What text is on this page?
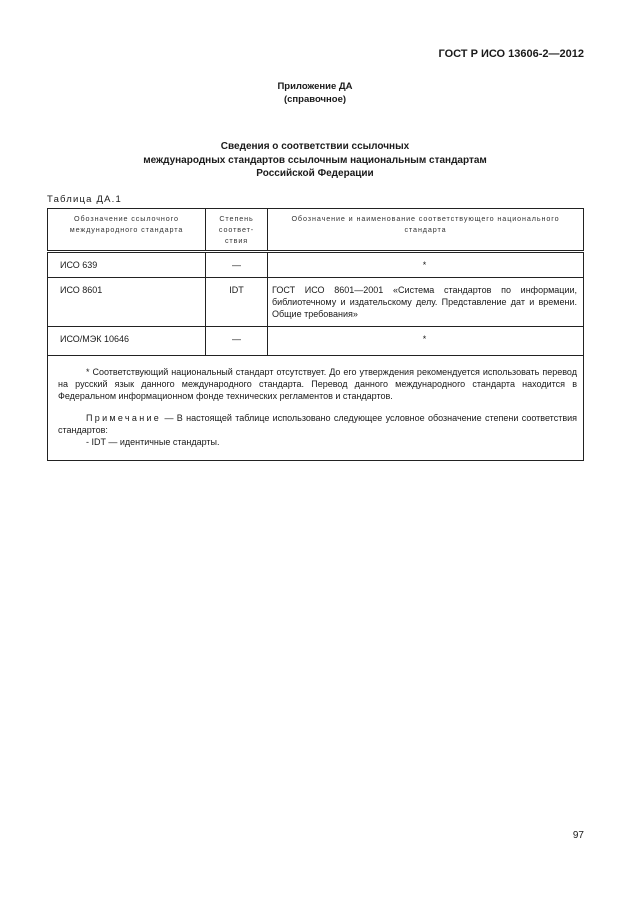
ГОСТ Р ИСО 13606-2—2012
Приложение ДА
(справочное)
Сведения о соответствии ссылочных
международных стандартов ссылочным национальным стандартам
Российской Федерации
Таблица ДА.1
Обозначение ссылочного международного стандарта	Степень соответ-ствия	Обозначение и наименование соответствующего национального стандарта
ИСО 639	—	*
ИСО 8601	IDT	ГОСТ ИСО 8601—2001 «Система стандартов по информации, библиотечному и издательскому делу. Представление дат и времени. Общие требования»
ИСО/МЭК 10646	—	*

* Соответствующий национальный стандарт отсутствует. До его утверждения рекомендуется использовать перевод на русский язык данного международного стандарта. Перевод данного международного стандарта находится в Федеральном информационном фонде технических регламентов и стандартов.

Примечание — В настоящей таблице использовано следующее условное обозначение степени соответствия стандартов:

- IDT — идентичные стандарты.		

97
